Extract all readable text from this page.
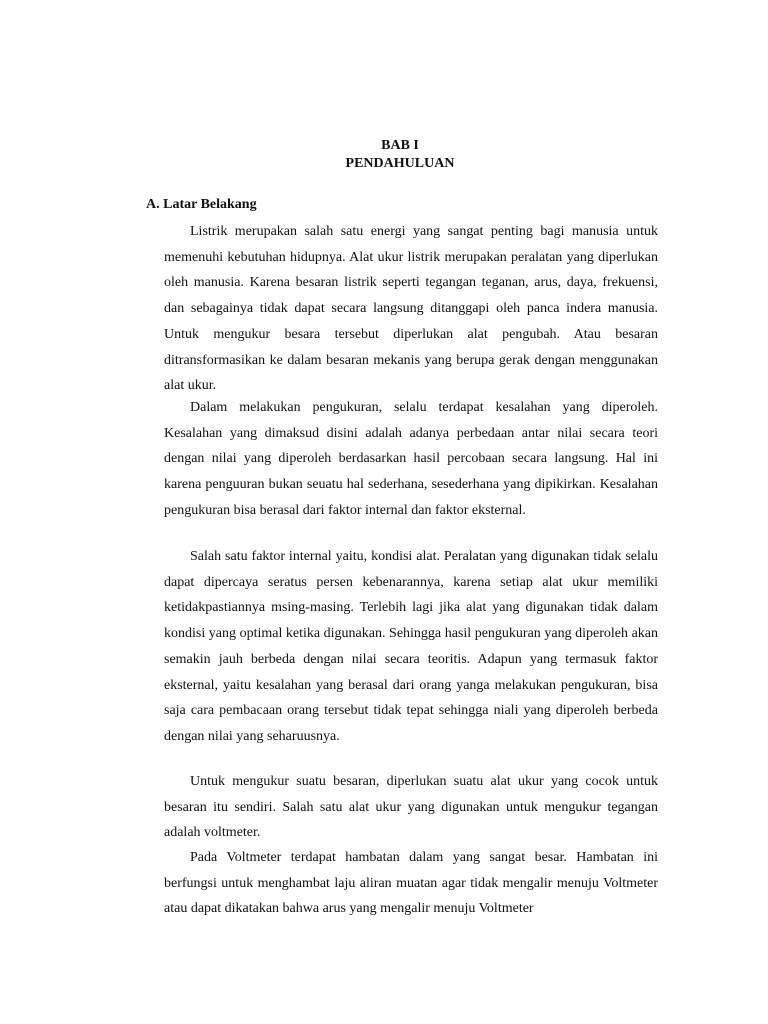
BAB I
PENDAHULUAN
A. Latar Belakang

Listrik merupakan salah satu energi yang sangat penting bagi manusia untuk memenuhi kebutuhan hidupnya. Alat ukur listrik merupakan peralatan yang diperlukan oleh manusia. Karena besaran listrik seperti tegangan teganan, arus, daya, frekuensi, dan sebagainya tidak dapat secara langsung ditanggapi oleh panca indera manusia. Untuk mengukur besara tersebut diperlukan alat pengubah. Atau besaran ditransformasikan ke dalam besaran mekanis yang berupa gerak dengan menggunakan alat ukur.

Dalam melakukan pengukuran, selalu terdapat kesalahan yang diperoleh. Kesalahan yang dimaksud disini adalah adanya perbedaan antar nilai secara teori dengan nilai yang diperoleh berdasarkan hasil percobaan secara langsung. Hal ini karena penguuran bukan seuatu hal sederhana, sesederhana yang dipikirkan. Kesalahan pengukuran bisa berasal dari faktor internal dan faktor eksternal.

Salah satu faktor internal yaitu, kondisi alat. Peralatan yang digunakan tidak selalu dapat dipercaya seratus persen kebenarannya, karena setiap alat ukur memiliki ketidakpastiannya msing-masing. Terlebih lagi jika alat yang digunakan tidak dalam kondisi yang optimal ketika digunakan. Sehingga hasil pengukuran yang diperoleh akan semakin jauh berbeda dengan nilai secara teoritis. Adapun yang termasuk faktor eksternal, yaitu kesalahan yang berasal dari orang yanga melakukan pengukuran, bisa saja cara pembacaan orang tersebut tidak tepat sehingga niali yang diperoleh berbeda dengan nilai yang seharuusnya.

Untuk mengukur suatu besaran, diperlukan suatu alat ukur yang cocok untuk besaran itu sendiri. Salah satu alat ukur yang digunakan untuk mengukur tegangan adalah voltmeter.

Pada Voltmeter terdapat hambatan dalam yang sangat besar. Hambatan ini berfungsi untuk menghambat laju aliran muatan agar tidak mengalir menuju Voltmeter atau dapat dikatakan bahwa arus yang mengalir menuju Voltmeter
